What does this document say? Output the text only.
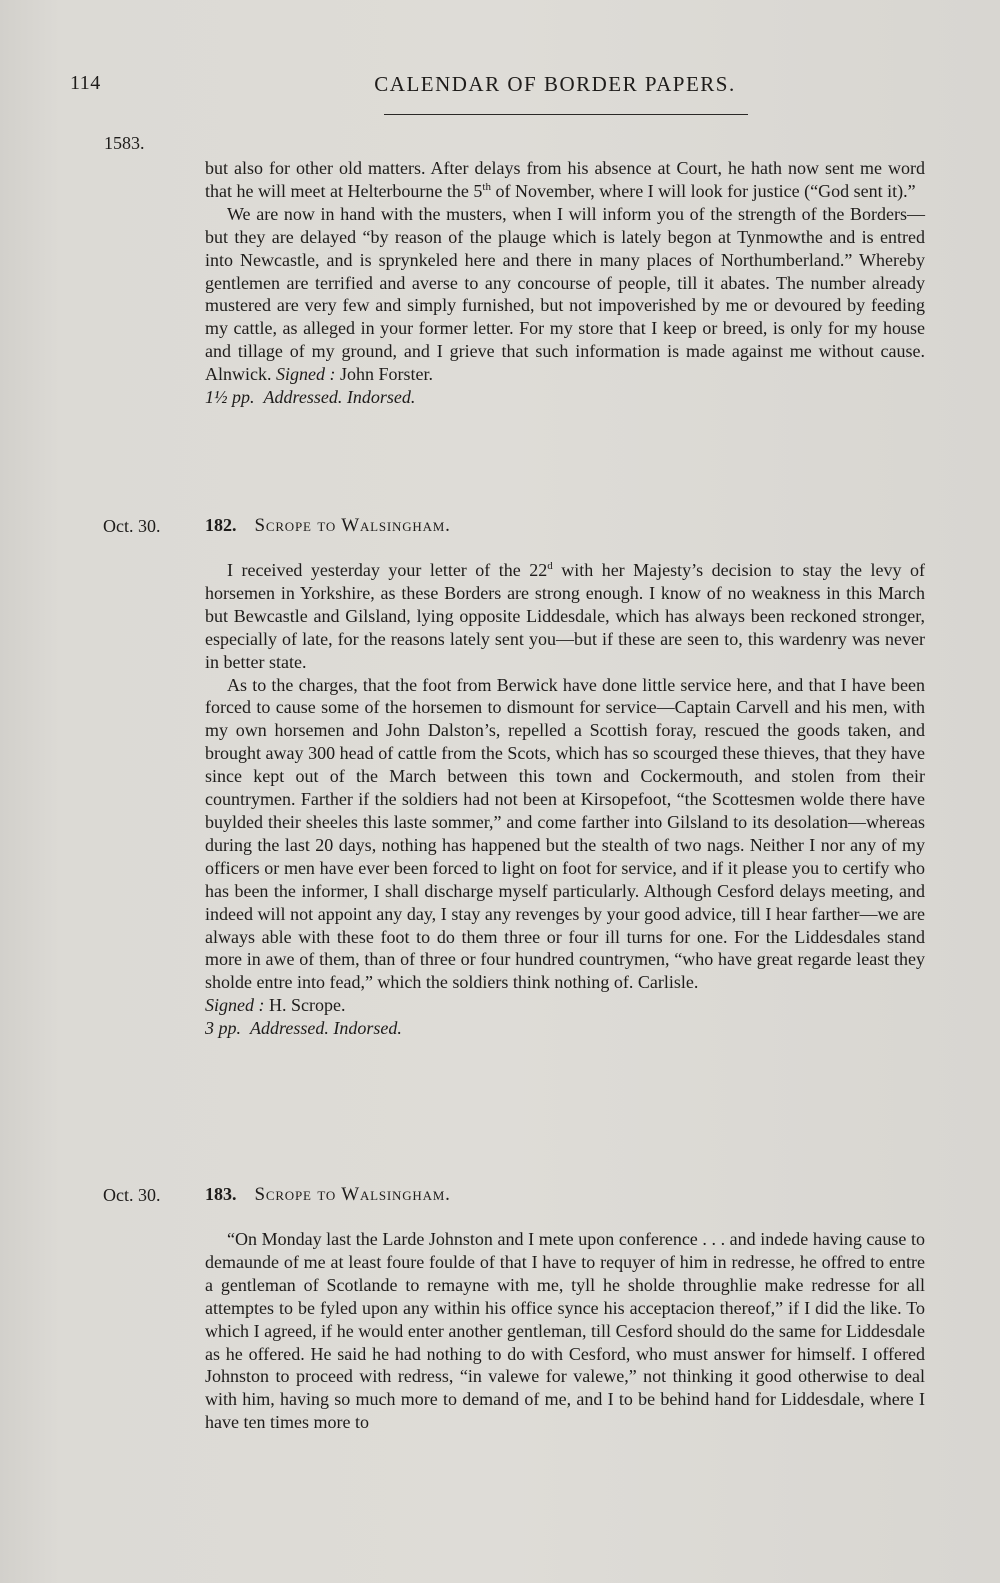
114	CALENDAR OF BORDER PAPERS.
1583.

but also for other old matters. After delays from his absence at Court, he hath now sent me word that he will meet at Helterbourne the 5th of November, where I will look for justice (“God sent it).”

We are now in hand with the musters, when I will inform you of the strength of the Borders—but they are delayed “by reason of the plauge which is lately begon at Tynmowthe and is entred into Newcastle, and is sprynkeled here and there in many places of Northumberland.” Whereby gentlemen are terrified and averse to any concourse of people, till it abates. The number already mustered are very few and simply furnished, but not impoverished by me or devoured by feeding my cattle, as alleged in your former letter. For my store that I keep or breed, is only for my house and tillage of my ground, and I grieve that such information is made against me without cause. Alnwick. Signed : John Forster.

1½ pp. Addressed. Indorsed.

Oct. 30. 182. Scrope to Walsingham.

I received yesterday your letter of the 22$^d$ with her Majesty’s decision to stay the levy of horsemen in Yorkshire, as these Borders are strong enough. I know of no weakness in this March but Bewcastle and Gilsland, lying opposite Liddesdale, which has always been reckoned stronger, especially of late, for the reasons lately sent you—but if these are seen to, this wardenry was never in better state.

As to the charges, that the foot from Berwick have done little service here, and that I have been forced to cause some of the horsemen to dismount for service—Captain Carvell and his men, with my own horsemen and John Dalston’s, repelled a Scottish foray, rescued the goods taken, and brought away 300 head of cattle from the Scots, which has so scourged these thieves, that they have since kept out of the March between this town and Cockermouth, and stolen from their countrymen. Farther if the soldiers had not been at Kirsopefoot, “the Scottesmen wolde there have buylded their sheeles this laste sommer,” and come farther into Gilsland to its desolation—whereas during the last 20 days, nothing has happened but the stealth of two nags. Neither I nor any of my officers or men have ever been forced to light on foot for service, and if it please you to certify who has been the informer, I shall discharge myself particularly. Although Cesford delays meeting, and indeed will not appoint any day, I stay any revenges by your good advice, till I hear farther—we are always able with these foot to do them three or four ill turns for one. For the Liddesdales stand more in awe of them, than of three or four hundred countrymen, “who have great regarde least they sholde entre into fead,” which the soldiers think nothing of. Carlisle.

Signed : H. Scrope.

3 pp. Addressed. Indorsed.

Oct. 30. 183. Scrope to Walsingham.

“On Monday last the Larde Johnston and I mete upon conference . . . and indede having cause to demaunde of me at least foure foulde of that I have to requyer of him in redresse, he offred to entre a gentleman of Scotlande to remayne with me, tyll he sholde throughlie make redresse for all attemptes to be fyled upon any within his office synce his acceptacion thereof,” if I did the like. To which I agreed, if he would enter another gentleman, till Cesford should do the same for Liddesdale as he offered. He said he had nothing to do with Cesford, who must answer for himself. I offered Johnston to proceed with redress, “in valewe for valewe,” not thinking it good otherwise to deal with him, having so much more to demand of me, and I to be behind hand for Liddesdale, where I have ten times more to
